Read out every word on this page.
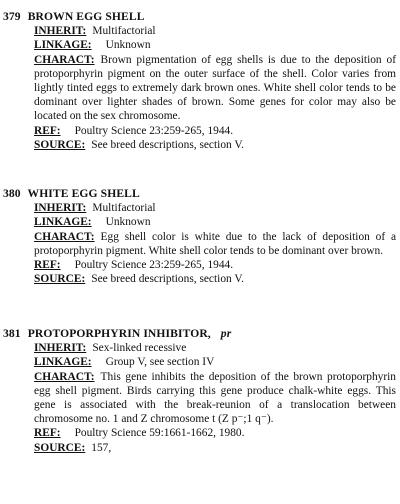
379 BROWN EGG SHELL
INHERIT: Multifactorial
LINKAGE: Unknown
CHARACT: Brown pigmentation of egg shells is due to the deposition of protoporphyrin pigment on the outer surface of the shell. Color varies from lightly tinted eggs to extremely dark brown ones. White shell color tends to be dominant over lighter shades of brown. Some genes for color may also be located on the sex chromosome.
REF: Poultry Science 23:259-265, 1944.
SOURCE: See breed descriptions, section V.
380 WHITE EGG SHELL
INHERIT: Multifactorial
LINKAGE: Unknown
CHARACT: Egg shell color is white due to the lack of deposition of a protoporphyrin pigment. White shell color tends to be dominant over brown.
REF: Poultry Science 23:259-265, 1944.
SOURCE: See breed descriptions, section V.
381 PROTOPORPHYRIN INHIBITOR, pr
INHERIT: Sex-linked recessive
LINKAGE: Group V, see section IV
CHARACT: This gene inhibits the deposition of the brown protoporphyrin egg shell pigment. Birds carrying this gene produce chalk-white eggs. This gene is associated with the break-reunion of a translocation between chromosome no. 1 and Z chromosome t (Z p⁻;1 q⁻).
REF: Poultry Science 59:1661-1662, 1980.
SOURCE: 157,
